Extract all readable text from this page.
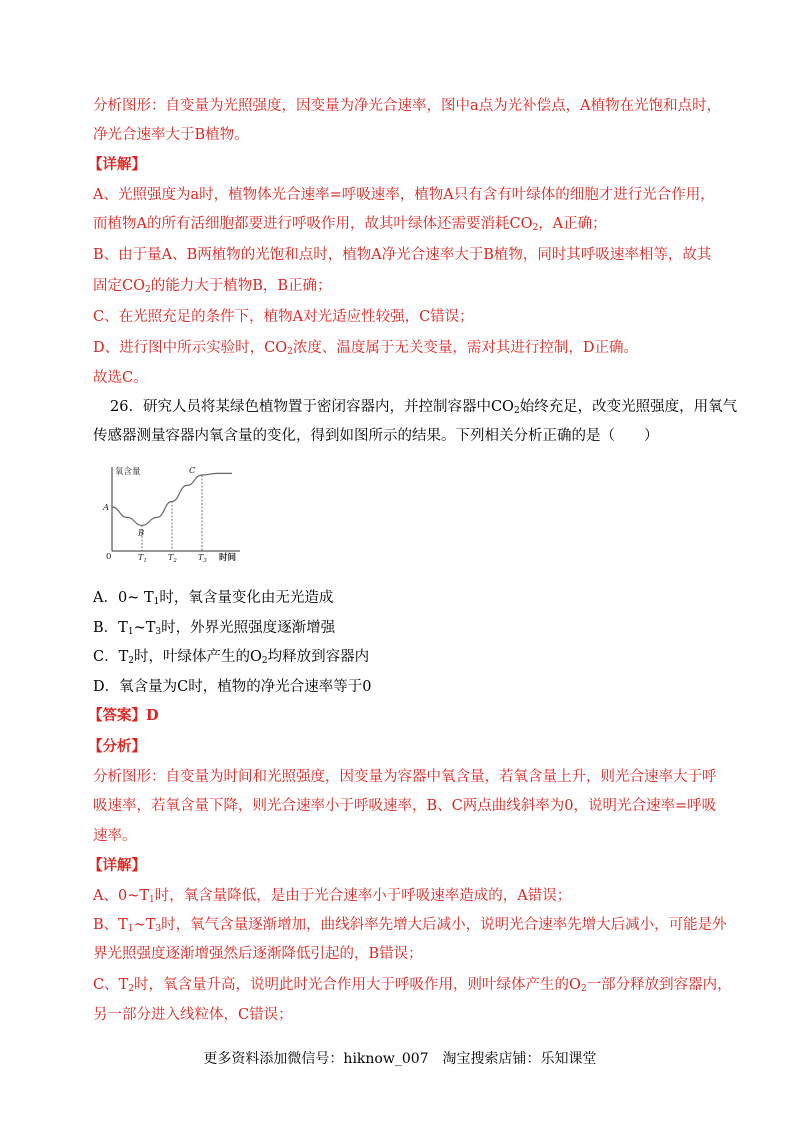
分析图形：自变量为光照强度，因变量为净光合速率，图中a点为光补偿点，A植物在光饱和点时，
净光合速率大于B植物。
【详解】
A、光照强度为a时，植物体光合速率=呼吸速率，植物A只有含有叶绿体的细胞才进行光合作用，
而植物A的所有活细胞都要进行呼吸作用，故其叶绿体还需要消耗$CO_2$，A正确；
B、由于量A、B两植物的光饱和点时，植物A净光合速率大于B植物，同时其呼吸速率相等，故其
固定$CO_2$的能力大于植物B，B正确；
C、在光照充足的条件下，植物A对光适应性较强，C错误；
D、进行图中所示实验时，$CO_2$浓度、温度属于无关变量，需对其进行控制，D正确。
故选C。
26．研究人员将某绿色植物置于密闭容器内，并控制容器中$CO_2$始终充足，改变光照强度，用氧气
传感器测量容器内氧含量的变化，得到如图所示的结果。下列相关分析正确的是（　　）
氧含量
时间
0	$T_1$	$T_2$	$T_3$
A
B
C
A．0~ $T_1$时，氧含量变化由无光造成
B．$T_1\sim T_3$时，外界光照强度逐渐增强
C．$T_2$时，叶绿体产生的$O_2$均释放到容器内
D．氧含量为C时，植物的净光合速率等于0
【答案】D
【分析】
分析图形：自变量为时间和光照强度，因变量为容器中氧含量，若氧含量上升，则光合速率大于呼
吸速率，若氧含量下降，则光合速率小于呼吸速率，B、C两点曲线斜率为0，说明光合速率=呼吸
速率。
【详解】
A、$0\sim T_1$时，氧含量降低，是由于光合速率小于呼吸速率造成的，A错误；
B、$T_1\sim T_3$时，氧气含量逐渐增加，曲线斜率先增大后减小，说明光合速率先增大后减小，可能是外
界光照强度逐渐增强然后逐渐降低引起的，B错误；
C、$T_2$时，氧含量升高，说明此时光合作用大于呼吸作用，则叶绿体产生的$O_2$一部分释放到容器内，
另一部分进入线粒体，C错误；
更多资料添加微信号：hiknow_007　淘宝搜索店铺：乐知课堂
